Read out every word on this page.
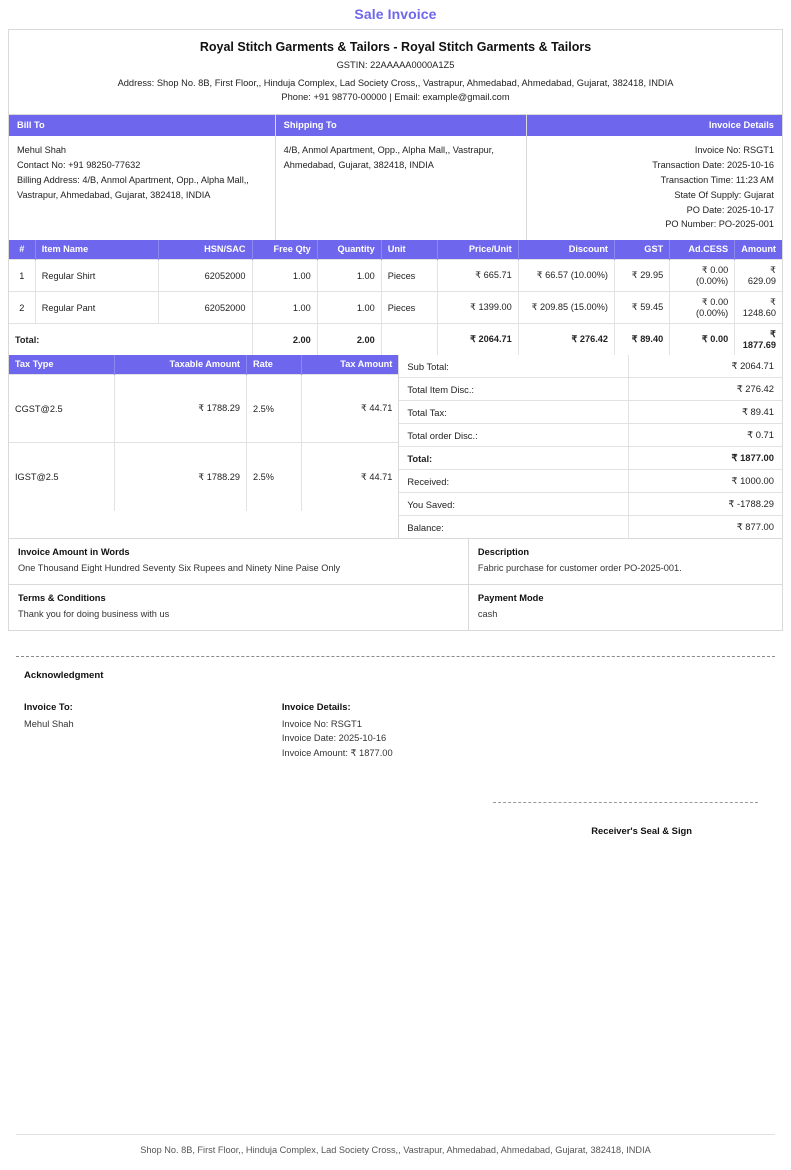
Sale Invoice
Royal Stitch Garments & Tailors - Royal Stitch Garments & Tailors
GSTIN: 22AAAAA0000A1Z5
Address: Shop No. 8B, First Floor,, Hinduja Complex, Lad Society Cross,, Vastrapur, Ahmedabad, Ahmedabad, Gujarat, 382418, INDIA
Phone: +91 98770-00000 | Email: example@gmail.com
Bill To
Mehul Shah
Contact No: +91 98250-77632
Billing Address: 4/B, Anmol Apartment, Opp., Alpha Mall,, Vastrapur, Ahmedabad, Gujarat, 382418, INDIA
Shipping To
4/B, Anmol Apartment, Opp., Alpha Mall,, Vastrapur, Ahmedabad, Gujarat, 382418, INDIA
Invoice Details
Invoice No: RSGT1
Transaction Date: 2025-10-16
Transaction Time: 11:23 AM
State Of Supply: Gujarat
PO Date: 2025-10-17
PO Number: PO-2025-001
#	Item Name	HSN/SAC	Free Qty	Quantity	Unit	Price/Unit	Discount	GST	Ad.CESS	Amount
1	Regular Shirt	62052000	1.00	1.00	Pieces	₹ 665.71	₹ 66.57 (10.00%)	₹ 29.95	₹ 0.00 (0.00%)	₹ 629.09
2	Regular Pant	62052000	1.00	1.00	Pieces	₹ 1399.00	₹ 209.85 (15.00%)	₹ 59.45	₹ 0.00 (0.00%)	₹ 1248.60
Total:			2.00	2.00		₹ 2064.71	₹ 276.42	₹ 89.40	₹ 0.00	₹ 1877.69
Tax Type	Taxable Amount	Rate	Tax Amount
CGST@2.5	₹ 1788.29	2.5%	₹ 44.71
IGST@2.5	₹ 1788.29	2.5%	₹ 44.71
Sub Total:	₹ 2064.71
Total Item Disc.:	₹ 276.42
Total Tax:	₹ 89.41
Total order Disc.:	₹ 0.71
Total:	₹ 1877.00
Received:	₹ 1000.00
You Saved:	₹ -1788.29
Balance:	₹ 877.00
Invoice Amount in Words
One Thousand Eight Hundred Seventy Six Rupees and Ninety Nine Paise Only
Description
Fabric purchase for customer order PO-2025-001.
Terms & Conditions
Thank you for doing business with us
Payment Mode
cash
Acknowledgment
Invoice To:
Mehul Shah
Invoice Details:
Invoice No: RSGT1
Invoice Date: 2025-10-16
Invoice Amount: ₹ 1877.00
Receiver's Seal & Sign
Shop No. 8B, First Floor,, Hinduja Complex, Lad Society Cross,, Vastrapur, Ahmedabad, Ahmedabad, Gujarat, 382418, INDIA
